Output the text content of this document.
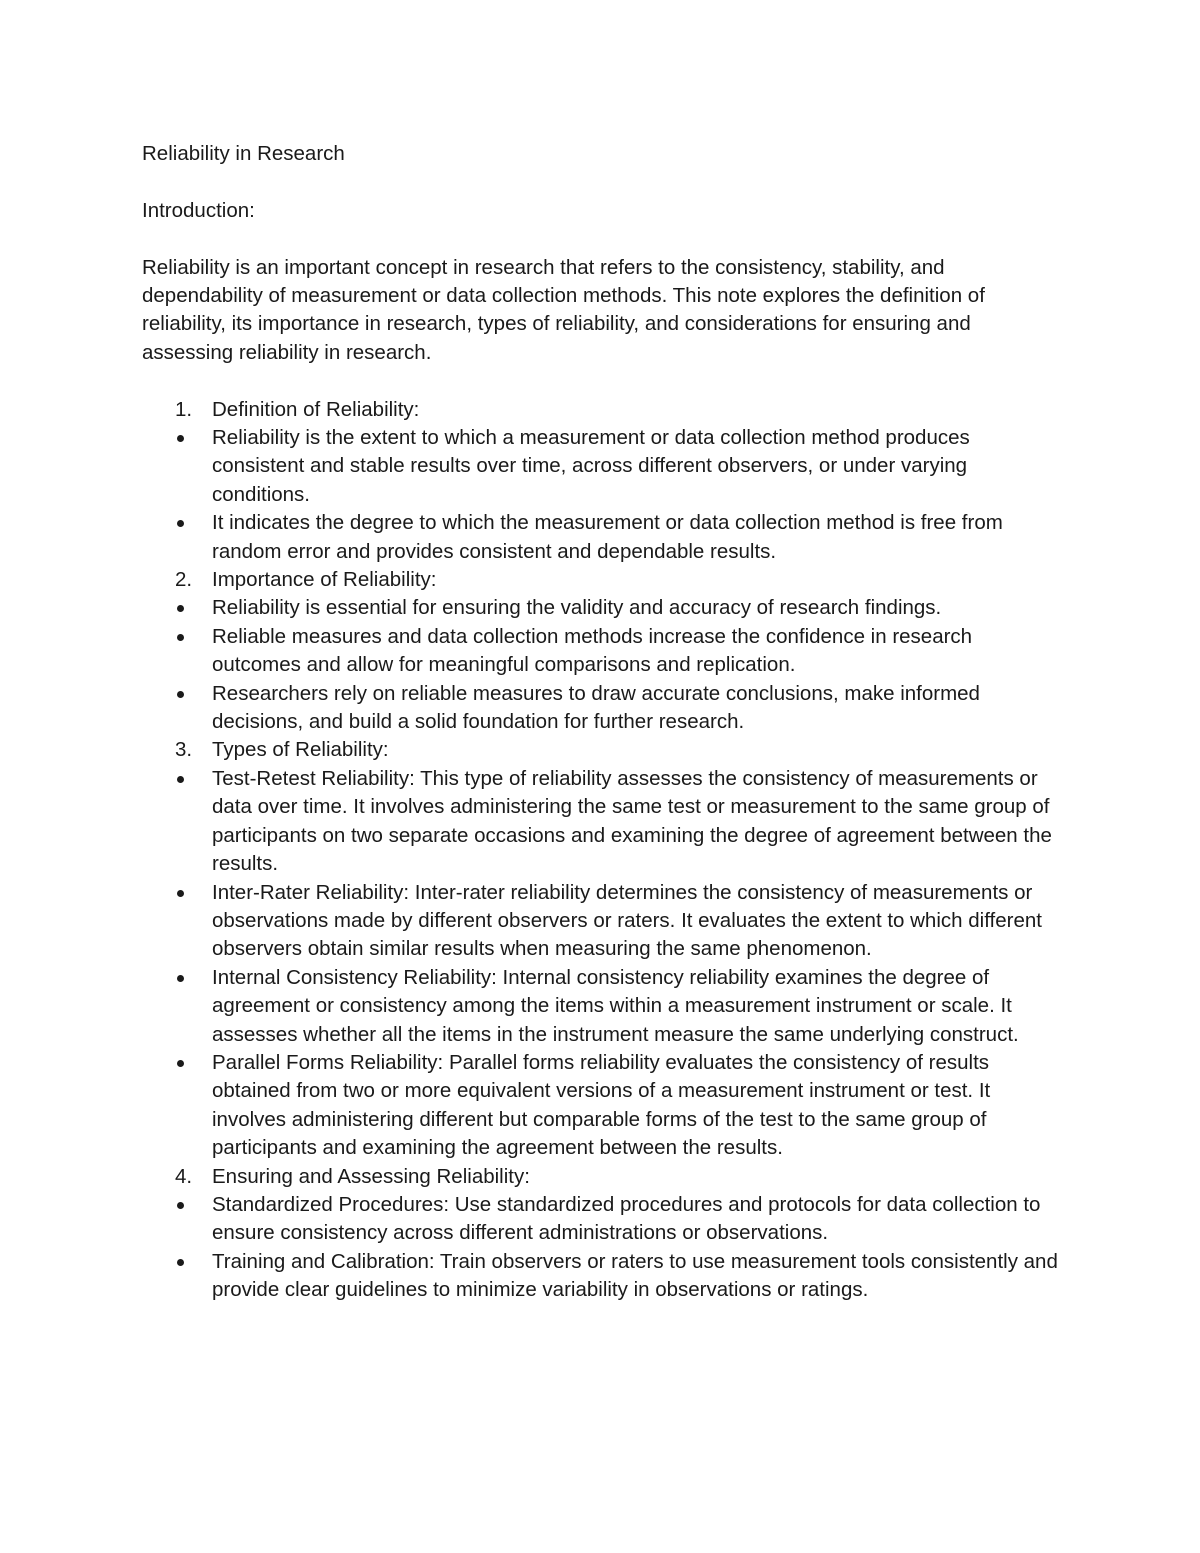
Reliability in Research

Introduction:

Reliability is an important concept in research that refers to the consistency, stability, and dependability of measurement or data collection methods. This note explores the definition of reliability, its importance in research, types of reliability, and considerations for ensuring and assessing reliability in research.

1. Definition of Reliability:
Reliability is the extent to which a measurement or data collection method produces consistent and stable results over time, across different observers, or under varying conditions.
It indicates the degree to which the measurement or data collection method is free from random error and provides consistent and dependable results.
2. Importance of Reliability:
Reliability is essential for ensuring the validity and accuracy of research findings.
Reliable measures and data collection methods increase the confidence in research outcomes and allow for meaningful comparisons and replication.
Researchers rely on reliable measures to draw accurate conclusions, make informed decisions, and build a solid foundation for further research.
3. Types of Reliability:
Test-Retest Reliability: This type of reliability assesses the consistency of measurements or data over time. It involves administering the same test or measurement to the same group of participants on two separate occasions and examining the degree of agreement between the results.
Inter-Rater Reliability: Inter-rater reliability determines the consistency of measurements or observations made by different observers or raters. It evaluates the extent to which different observers obtain similar results when measuring the same phenomenon.
Internal Consistency Reliability: Internal consistency reliability examines the degree of agreement or consistency among the items within a measurement instrument or scale. It assesses whether all the items in the instrument measure the same underlying construct.
Parallel Forms Reliability: Parallel forms reliability evaluates the consistency of results obtained from two or more equivalent versions of a measurement instrument or test. It involves administering different but comparable forms of the test to the same group of participants and examining the agreement between the results.
4. Ensuring and Assessing Reliability:
Standardized Procedures: Use standardized procedures and protocols for data collection to ensure consistency across different administrations or observations.
Training and Calibration: Train observers or raters to use measurement tools consistently and provide clear guidelines to minimize variability in observations or ratings.
